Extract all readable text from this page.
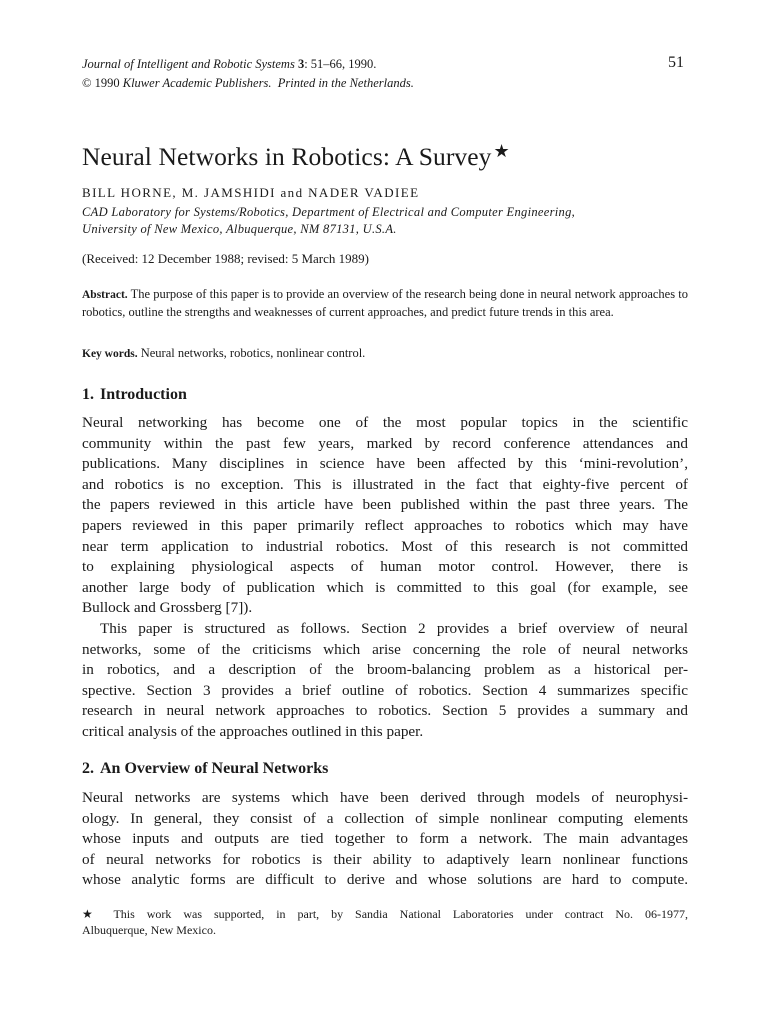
Journal of Intelligent and Robotic Systems 3: 51–66, 1990.
© 1990 Kluwer Academic Publishers. Printed in the Netherlands.
51
Neural Networks in Robotics: A Survey ★
BILL HORNE, M. JAMSHIDI and NADER VADIEE
CAD Laboratory for Systems/Robotics, Department of Electrical and Computer Engineering,
University of New Mexico, Albuquerque, NM 87131, U.S.A.
(Received: 12 December 1988; revised: 5 March 1989)
Abstract. The purpose of this paper is to provide an overview of the research being done in neural network approaches to robotics, outline the strengths and weaknesses of current approaches, and predict future trends in this area.
Key words. Neural networks, robotics, nonlinear control.
1. Introduction
Neural networking has become one of the most popular topics in the scientific
community within the past few years, marked by record conference attendances and
publications. Many disciplines in science have been affected by this ‘mini-revolution’,
and robotics is no exception. This is illustrated in the fact that eighty-five percent of
the papers reviewed in this article have been published within the past three years. The
papers reviewed in this paper primarily reflect approaches to robotics which may have
near term application to industrial robotics. Most of this research is not committed
to explaining physiological aspects of human motor control. However, there is
another large body of publication which is committed to this goal (for example, see
Bullock and Grossberg [7]).
This paper is structured as follows. Section 2 provides a brief overview of neural
networks, some of the criticisms which arise concerning the role of neural networks
in robotics, and a description of the broom-balancing problem as a historical per-
spective. Section 3 provides a brief outline of robotics. Section 4 summarizes specific
research in neural network approaches to robotics. Section 5 provides a summary and
critical analysis of the approaches outlined in this paper.
2. An Overview of Neural Networks
Neural networks are systems which have been derived through models of neurophysi-
ology. In general, they consist of a collection of simple nonlinear computing elements
whose inputs and outputs are tied together to form a network. The main advantages
of neural networks for robotics is their ability to adaptively learn nonlinear functions
whose analytic forms are difficult to derive and whose solutions are hard to compute.
★ This work was supported, in part, by Sandia National Laboratories under contract No. 06-1977,
Albuquerque, New Mexico.
